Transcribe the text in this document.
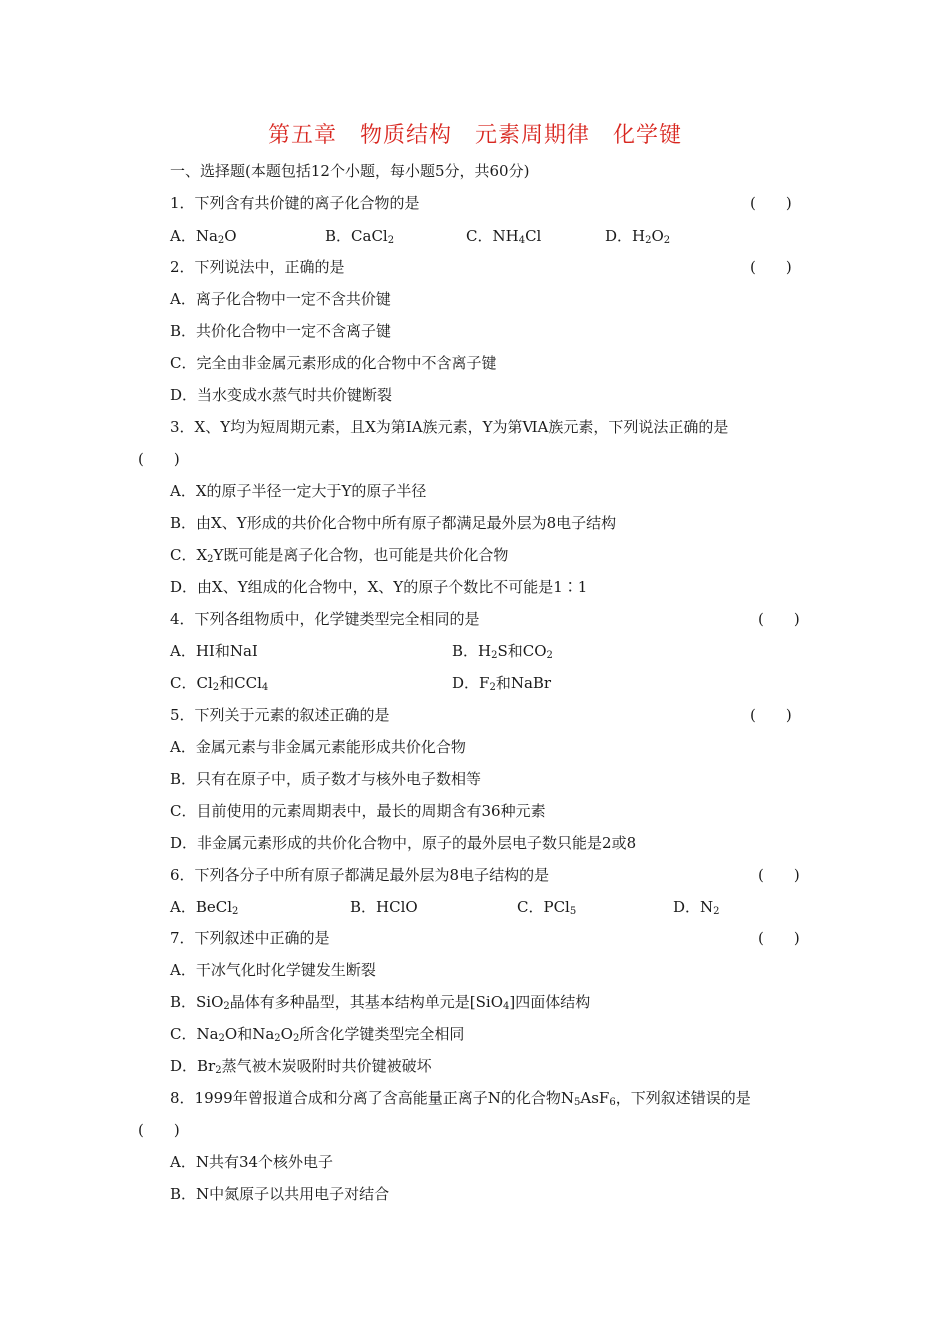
第五章　物质结构　元素周期律　化学键
一、选择题(本题包括12个小题，每小题5分，共60分)
1．下列含有共价键的离子化合物的是	(　　)
A．$Na_2O$	B．CaCl$_2$	C．$NH_4Cl$	D．$H_2O_2$
2．下列说法中，正确的是	(　　)
A．离子化合物中一定不含共价键
B．共价化合物中一定不含离子键
C．完全由非金属元素形成的化合物中不含离子键
D．当水变成水蒸气时共价键断裂
3．X、Y均为短周期元素，且X为第ⅠA族元素，Y为第ⅥA族元素，下列说法正确的是
(　　)
A．X的原子半径一定大于Y的原子半径
B．由X、Y形成的共价化合物中所有原子都满足最外层为8电子结构
C．$X_2Y$既可能是离子化合物，也可能是共价化合物
D．由X、Y组成的化合物中，X、Y的原子个数比不可能是1∶1
4．下列各组物质中，化学键类型完全相同的是	(　　)
A．HI和NaI	B．$H_2S$和$CO_2$
C．$Cl_2$和CCl$_4$	D．$F_2$和NaBr
5．下列关于元素的叙述正确的是	(　　)
A．金属元素与非金属元素能形成共价化合物
B．只有在原子中，质子数才与核外电子数相等
C．目前使用的元素周期表中，最长的周期含有36种元素
D．非金属元素形成的共价化合物中，原子的最外层电子数只能是2或8
6．下列各分子中所有原子都满足最外层为8电子结构的是	(　　)
A．BeCl$_2$	B．HClO	C．PCl$_5$	D．$N_2$
7．下列叙述中正确的是	(　　)
A．干冰气化时化学键发生断裂
B．SiO$_2$晶体有多种晶型，其基本结构单元是[SiO$_4$]四面体结构
C．$Na_2O$和$Na_2O_2$所含化学键类型完全相同
D．$Br_2$蒸气被木炭吸附时共价键被破坏
8．1999年曾报道合成和分离了含高能量正离子N的化合物$N_5AsF_6$，下列叙述错误的是
(　　)
A．N共有34个核外电子
B．N中氮原子以共用电子对结合
